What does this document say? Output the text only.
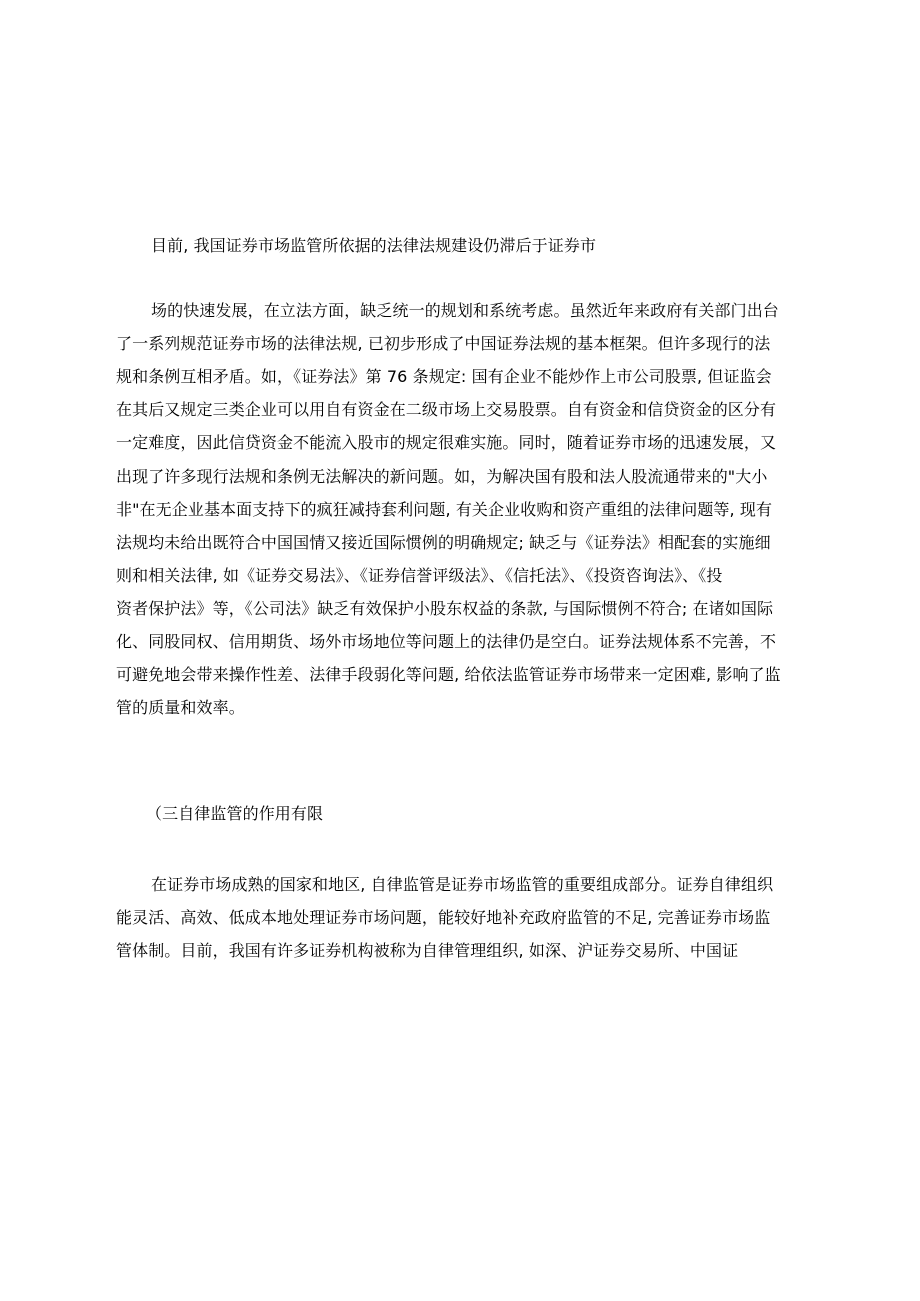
目前, 我国证券市场监管所依据的法律法规建设仍滞后于证券市
场的快速发展，在立法方面，缺乏统一的规划和系统考虑。虽然近年来政府有关部门出台
了一系列规范证券市场的法律法规, 已初步形成了中国证券法规的基本框架。但许多现行的法
规和条例互相矛盾。如，《证券法》第 76 条规定: 国有企业不能炒作上市公司股票, 但证监会
在其后又规定三类企业可以用自有资金在二级市场上交易股票。自有资金和信贷资金的区分有
一定难度，因此信贷资金不能流入股市的规定很难实施。同时，随着证券市场的迅速发展，又
出现了许多现行法规和条例无法解决的新问题。如，为解决国有股和法人股流通带来的"大小
非"在无企业基本面支持下的疯狂减持套利问题, 有关企业收购和资产重组的法律问题等, 现有
法规均未给出既符合中国国情又接近国际惯例的明确规定; 缺乏与《证券法》相配套的实施细
则和相关法律, 如《证券交易法》、《证券信誉评级法》、《信托法》、《投资咨询法》、《投
资者保护法》等，《公司法》缺乏有效保护小股东权益的条款, 与国际惯例不符合; 在诸如国际
化、同股同权、信用期货、场外市场地位等问题上的法律仍是空白。证券法规体系不完善，不
可避免地会带来操作性差、法律手段弱化等问题, 给依法监管证券市场带来一定困难, 影响了监
管的质量和效率。
（三自律监管的作用有限
在证券市场成熟的国家和地区, 自律监管是证券市场监管的重要组成部分。证券自律组织
能灵活、高效、低成本地处理证券市场问题，能较好地补充政府监管的不足, 完善证券市场监
管体制。目前，我国有许多证券机构被称为自律管理组织, 如深、沪证券交易所、中国证
